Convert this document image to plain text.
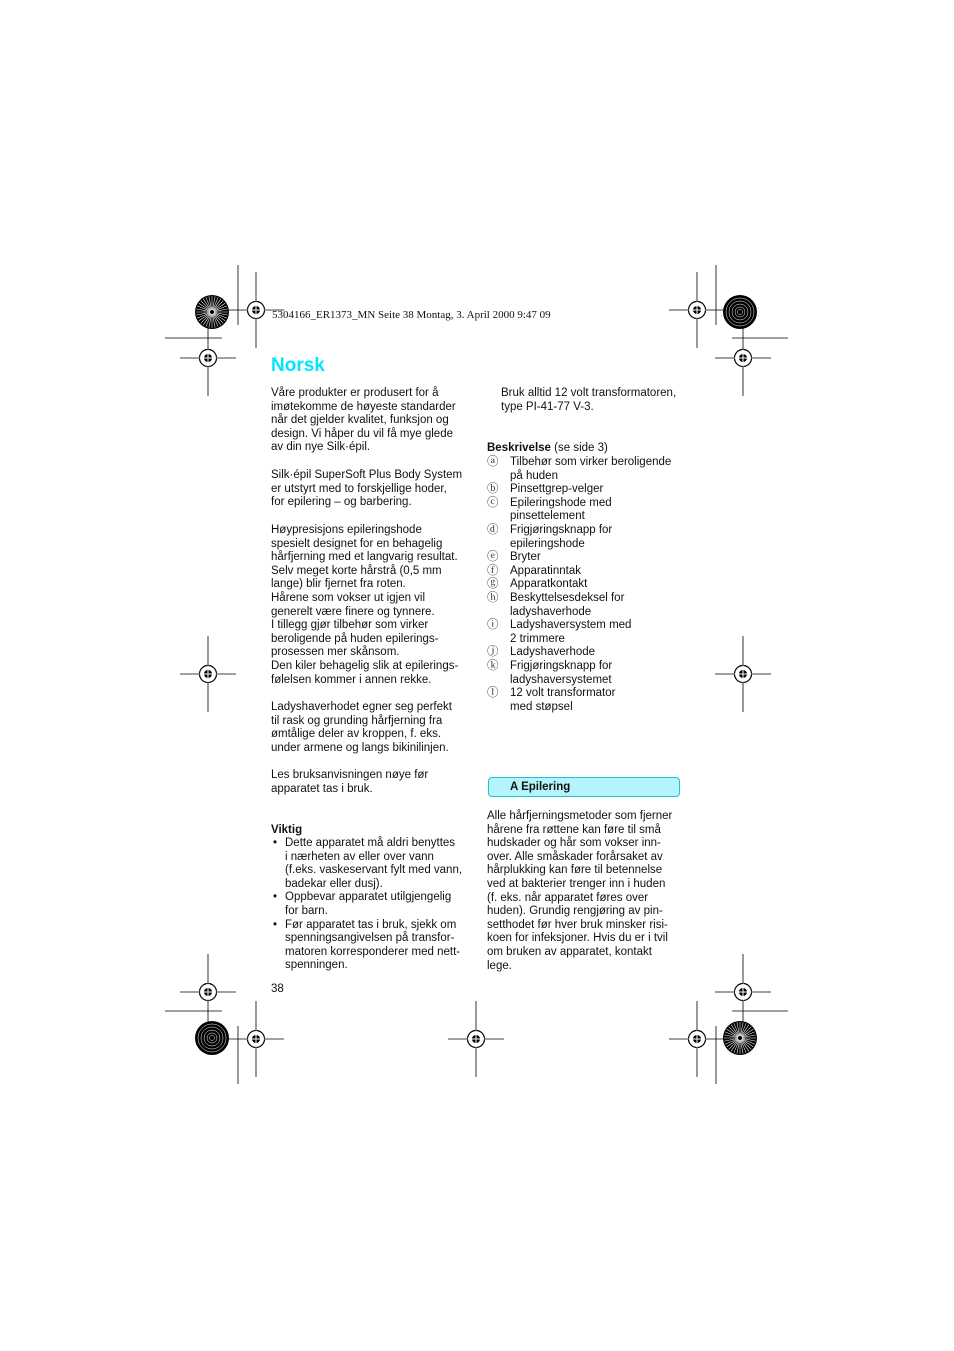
5304166_ER1373_MN Seite 38 Montag, 3. April 2000 9:47 09
Norsk
Våre produkter er produsert for å
imøtekomme de høyeste standarder
når det gjelder kvalitet, funksjon og
design. Vi håper du vil få mye glede
av din nye Silk·épil.
Silk·épil SuperSoft Plus Body System
er utstyrt med to forskjellige hoder,
for epilering – og barbering.
Høypresisjons epileringshode
spesielt designet for en behagelig
hårfjerning med et langvarig resultat.
Selv meget korte hårstrå (0,5 mm
lange) blir fjernet fra roten.
Hårene som vokser ut igjen vil
generelt være finere og tynnere.
I tillegg gjør tilbehør som virker
beroligende på huden epilerings-
prosessen mer skånsom.
Den kiler behagelig slik at epilerings-
følelsen kommer i annen rekke.
Ladyshaverhodet egner seg perfekt
til rask og grunding hårfjerning fra
ømtålige deler av kroppen, f. eks.
under armene og langs bikinilinjen.
Les bruksanvisningen nøye før
apparatet tas i bruk.
Viktig
• Dette apparatet må aldri benyttes
i nærheten av eller over vann
(f.eks. vaskeservant fylt med vann,
badekar eller dusj).
• Oppbevar apparatet utilgjengelig
for barn.
• Før apparatet tas i bruk, sjekk om
spenningsangivelsen på transfor-
matoren korresponderer med nett-
spenningen.
38
Bruk alltid 12 volt transformatoren,
type PI-41-77 V-3.
Beskrivelse (se side 3)
ⓐ	Tilbehør som virker beroligende
på huden
ⓑ	Pinsettgrep-velger
ⓒ	Epileringshode med
pinsettelement
ⓓ	Frigjøringsknapp for
epileringshode
ⓔ	Bryter
ⓕ	Apparatinntak
ⓖ	Apparatkontakt
ⓗ	Beskyttelsesdeksel for
ladyshaverhode
ⓘ	Ladyshaversystem med
2 trimmere
ⓙ	Ladyshaverhode
ⓚ	Frigjøringsknapp for
ladyshaversystemet
ⓛ	12 volt transformator
med støpsel
A Epilering
Alle hårfjerningsmetoder som fjerner
hårene fra røttene kan føre til små
hudskader og hår som vokser inn-
over. Alle småskader forårsaket av
hårplukking kan føre til betennelse
ved at bakterier trenger inn i huden
(f. eks. når apparatet føres over
huden). Grundig rengjøring av pin-
setthodet før hver bruk minsker risi-
koen for infeksjoner. Hvis du er i tvil
om bruken av apparatet, kontakt
lege.
